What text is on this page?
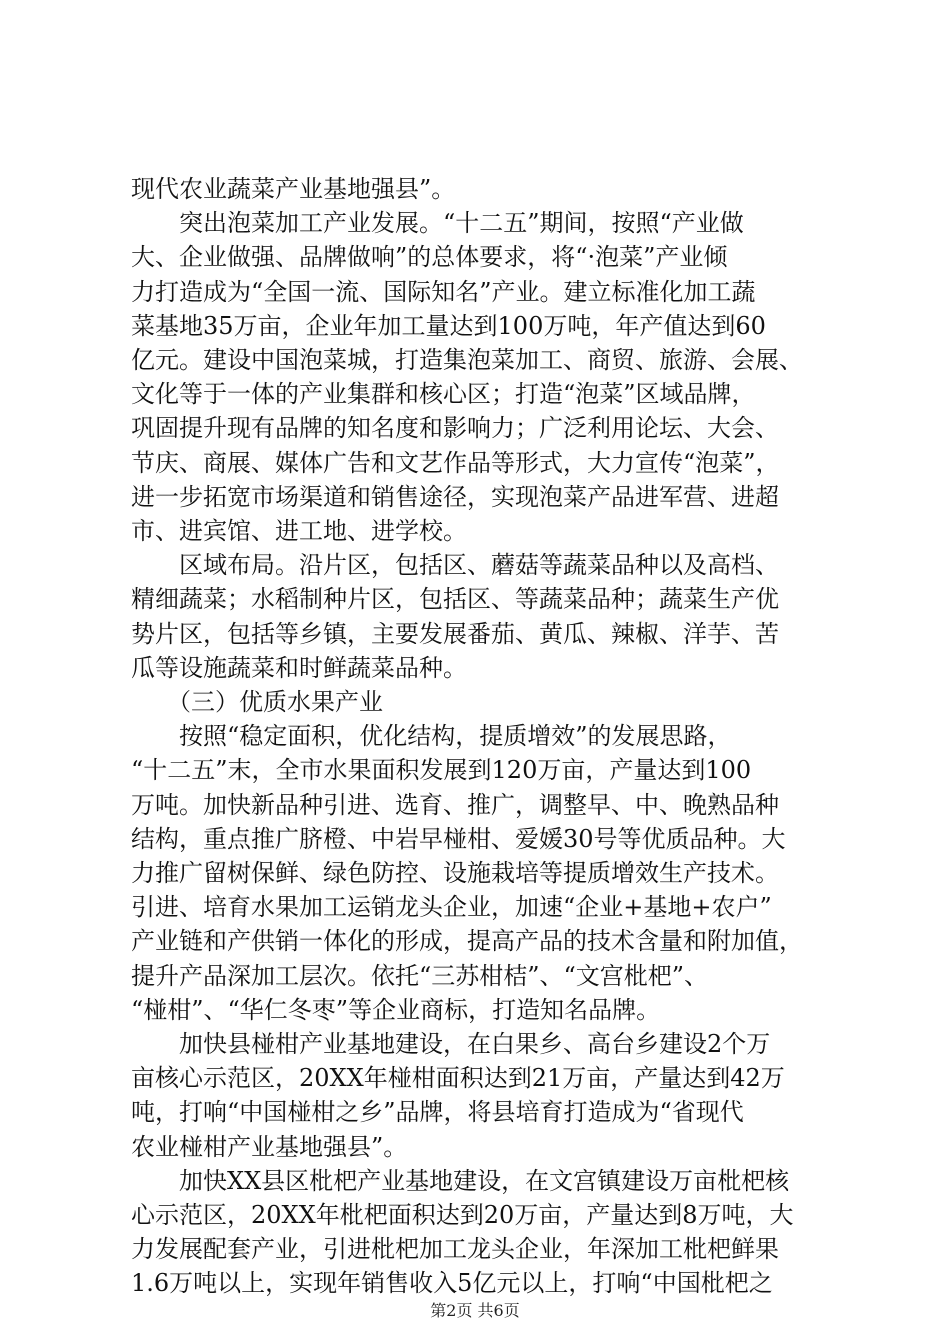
现代农业蔬菜产业基地强县”。
　　突出泡菜加工产业发展。“十二五”期间，按照“产业做
大、企业做强、品牌做响”的总体要求，将“·泡菜”产业倾
力打造成为“全国一流、国际知名”产业。建立标准化加工蔬
菜基地35万亩，企业年加工量达到100万吨，年产值达到60
亿元。建设中国泡菜城，打造集泡菜加工、商贸、旅游、会展、
文化等于一体的产业集群和核心区；打造“泡菜”区域品牌，
巩固提升现有品牌的知名度和影响力；广泛利用论坛、大会、
节庆、商展、媒体广告和文艺作品等形式，大力宣传“泡菜”，
进一步拓宽市场渠道和销售途径，实现泡菜产品进军营、进超
市、进宾馆、进工地、进学校。
　　区域布局。沿片区，包括区、蘑菇等蔬菜品种以及高档、
精细蔬菜；水稻制种片区，包括区、等蔬菜品种；蔬菜生产优
势片区，包括等乡镇，主要发展番茄、黄瓜、辣椒、洋芋、苦
瓜等设施蔬菜和时鲜蔬菜品种。
　　（三）优质水果产业
　　按照“稳定面积，优化结构，提质增效”的发展思路，
“十二五”末，全市水果面积发展到120万亩，产量达到100
万吨。加快新品种引进、选育、推广，调整早、中、晚熟品种
结构，重点推广脐橙、中岩早椪柑、爱媛30号等优质品种。大
力推广留树保鲜、绿色防控、设施栽培等提质增效生产技术。
引进、培育水果加工运销龙头企业，加速“企业+基地+农户”
产业链和产供销一体化的形成，提高产品的技术含量和附加值，
提升产品深加工层次。依托“三苏柑桔”、“文宫枇杷”、
“椪柑”、“华仁冬枣”等企业商标，打造知名品牌。
　　加快县椪柑产业基地建设，在白果乡、高台乡建设2个万
亩核心示范区，20XX年椪柑面积达到21万亩，产量达到42万
吨，打响“中国椪柑之乡”品牌，将县培育打造成为“省现代
农业椪柑产业基地强县”。
　　加快XX县区枇杷产业基地建设，在文宫镇建设万亩枇杷核
心示范区，20XX年枇杷面积达到20万亩，产量达到8万吨，大
力发展配套产业，引进枇杷加工龙头企业，年深加工枇杷鲜果
1.6万吨以上，实现年销售收入5亿元以上，打响“中国枇杷之
第2页 共6页
